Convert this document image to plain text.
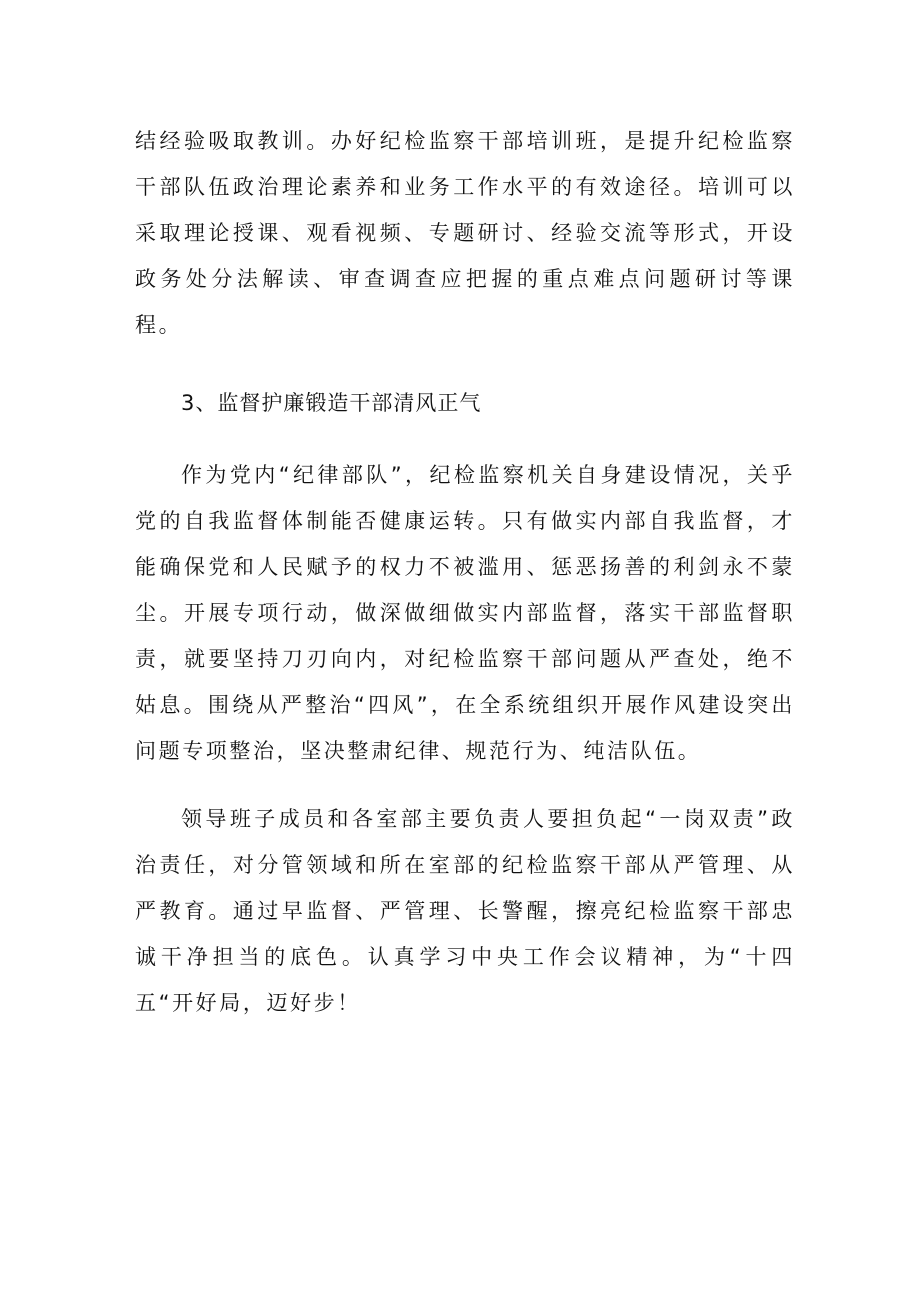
结经验吸取教训。办好纪检监察干部培训班，是提升纪检监察干部队伍政治理论素养和业务工作水平的有效途径。培训可以采取理论授课、观看视频、专题研讨、经验交流等形式，开设政务处分法解读、审查调查应把握的重点难点问题研讨等课程。

3、监督护廉锻造干部清风正气

作为党内“纪律部队”，纪检监察机关自身建设情况，关乎党的自我监督体制能否健康运转。只有做实内部自我监督，才能确保党和人民赋予的权力不被滥用、惩恶扬善的利剑永不蒙尘。开展专项行动，做深做细做实内部监督，落实干部监督职责，就要坚持刀刃向内，对纪检监察干部问题从严查处，绝不姑息。围绕从严整治“四风”，在全系统组织开展作风建设突出问题专项整治，坚决整肃纪律、规范行为、纯洁队伍。

领导班子成员和各室部主要负责人要担负起“一岗双责”政治责任，对分管领域和所在室部的纪检监察干部从严管理、从严教育。通过早监督、严管理、长警醒，擦亮纪检监察干部忠诚干净担当的底色。认真学习中央工作会议精神，为“十四五“开好局，迈好步！
